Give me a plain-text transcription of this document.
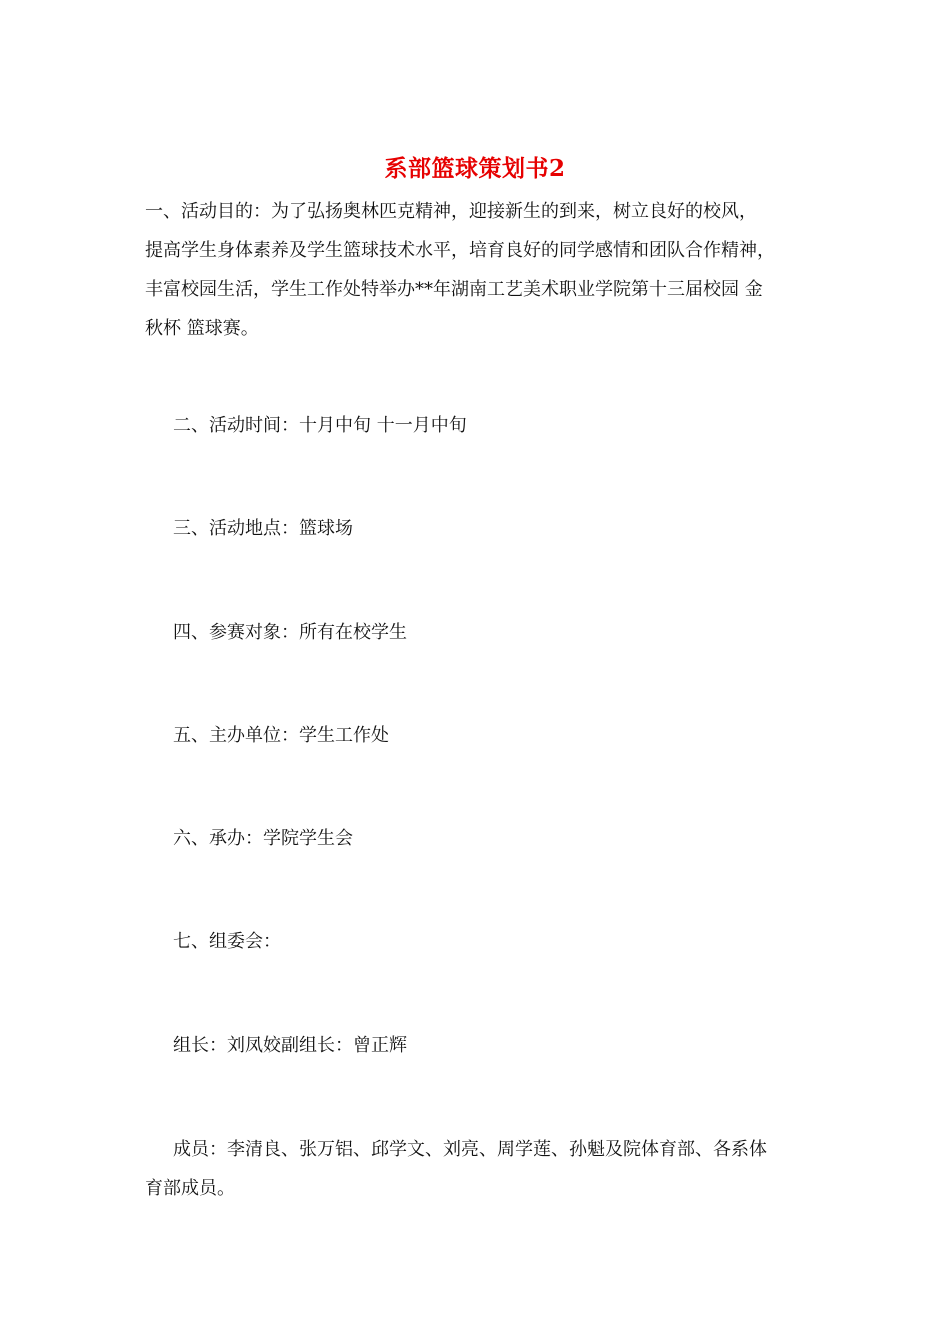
系部篮球策划书2

一、活动目的：为了弘扬奥林匹克精神，迎接新生的到来，树立良好的校风，
提高学生身体素养及学生篮球技术水平，培育良好的同学感情和团队合作精神，
丰富校园生活，学生工作处特举办**年湖南工艺美术职业学院第十三届校园 金
秋杯 篮球赛。

二、活动时间：十月中旬 十一月中旬

三、活动地点：篮球场

四、参赛对象：所有在校学生

五、主办单位：学生工作处

六、承办：学院学生会

七、组委会：

组长：刘凤姣副组长：曾正辉

成员：李清良、张万铝、邱学文、刘亮、周学莲、孙魁及院体育部、各系体
育部成员。
